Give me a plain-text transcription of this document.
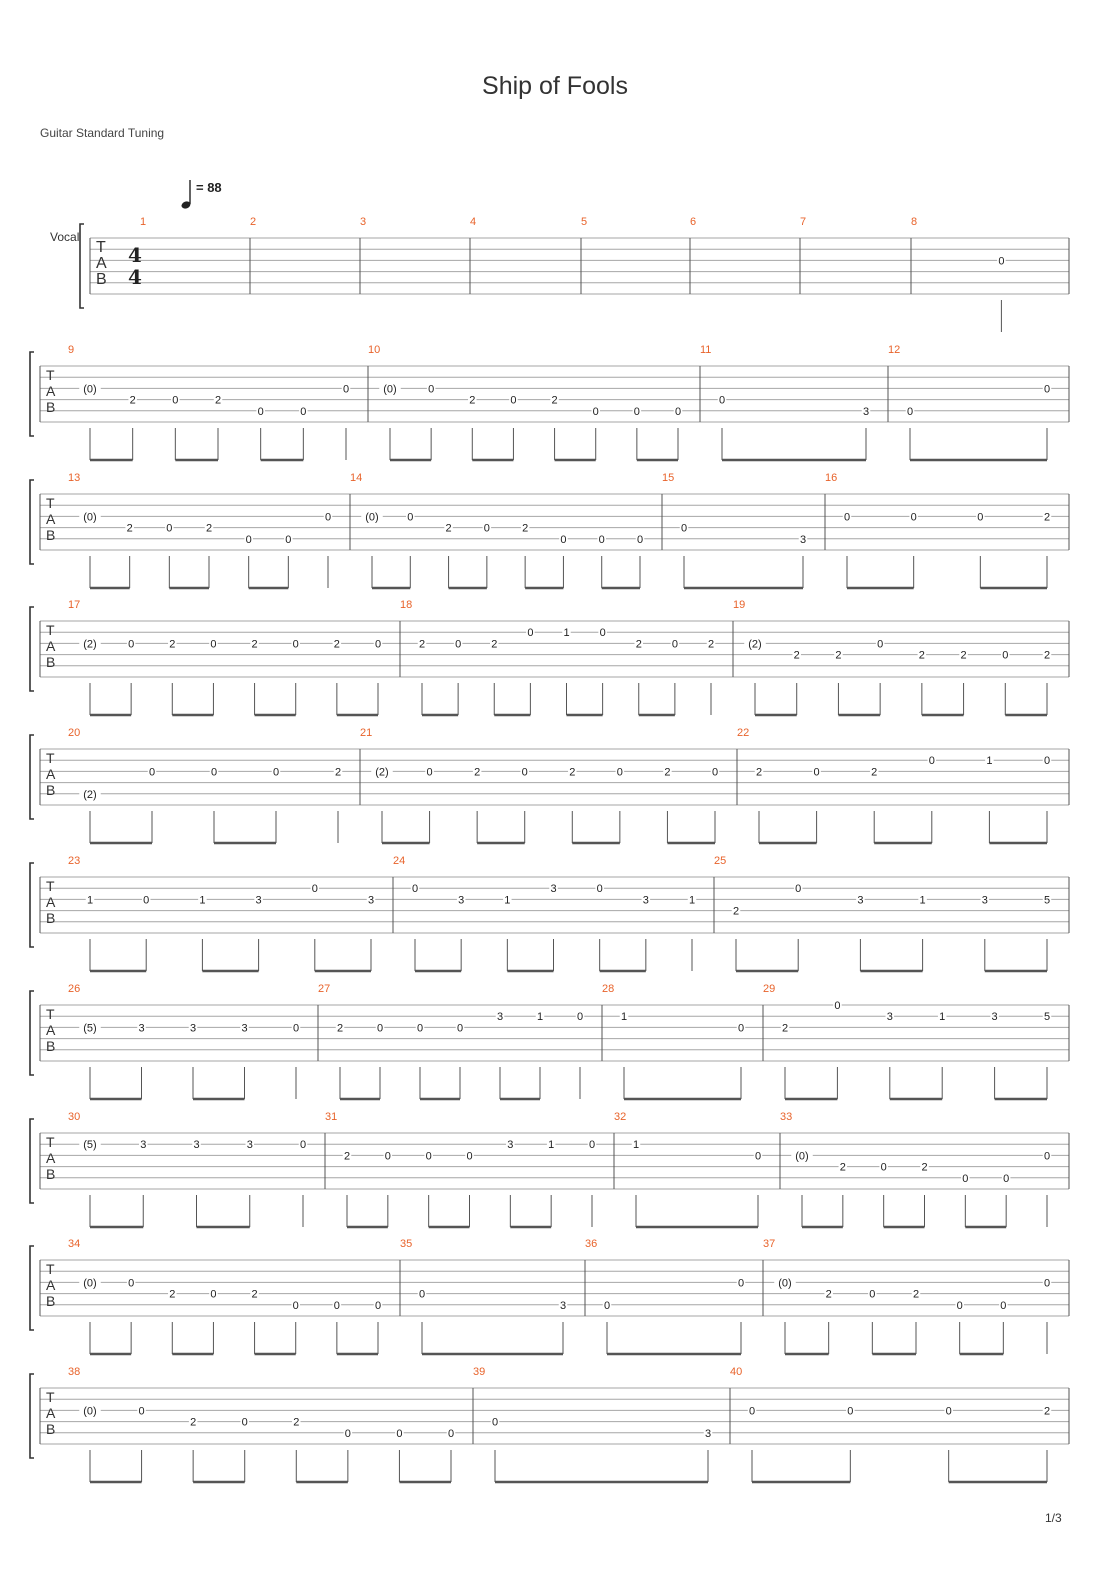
Ship of Fools
Guitar Standard Tuning
= 88
1/3
T
A
B
Vocal
4
4
1	2	3	4	5	6	7	8
0
T
A
B
9
(0)
2	0	2
0	0
0
10
(0)	0
2	0	2
0	0	0
11
0
3
12
0
0
T
A
B
13
(0)
2	0	2
0	0
0
14
(0)	0
2	0	2
0	0	0
15
0
3
16
0	0	0	2
T
A
B
17
(2)	0	2	0	2	0	2	0
18
2	0	2
0	1	0
2	0	2
19
(2)
2	2
0
2	2	0	2
T
A
B
20
(2)
0	0	0	2
21
(2)	0	2	0	2	0	2	0
22
2	0	2
0	1	0
T
A
B
23
1	0	1	3
0
3
24
0
3	1
3	0
3	1
25
2
0
3	1	3	5
T
A
B
26
(5)	3	3	3	0
27
2	0	0	0
3	1	0
28
1
0
29
2
0
3	1	3	5
T
A
B
30
(5)	3	3	3	0
31
2	0	0	0
3	1	0
32
1
0
33
(0)
2	0	2
0	0
0
T
A
B
34
(0)	0
2	0	2
0	0	0
35
0
3
36
0
0
37
(0)
2	0	2
0	0
0
T
A
B
38
(0)	0
2	0	2
0	0	0
39
0
3
40
0	0	0	2
